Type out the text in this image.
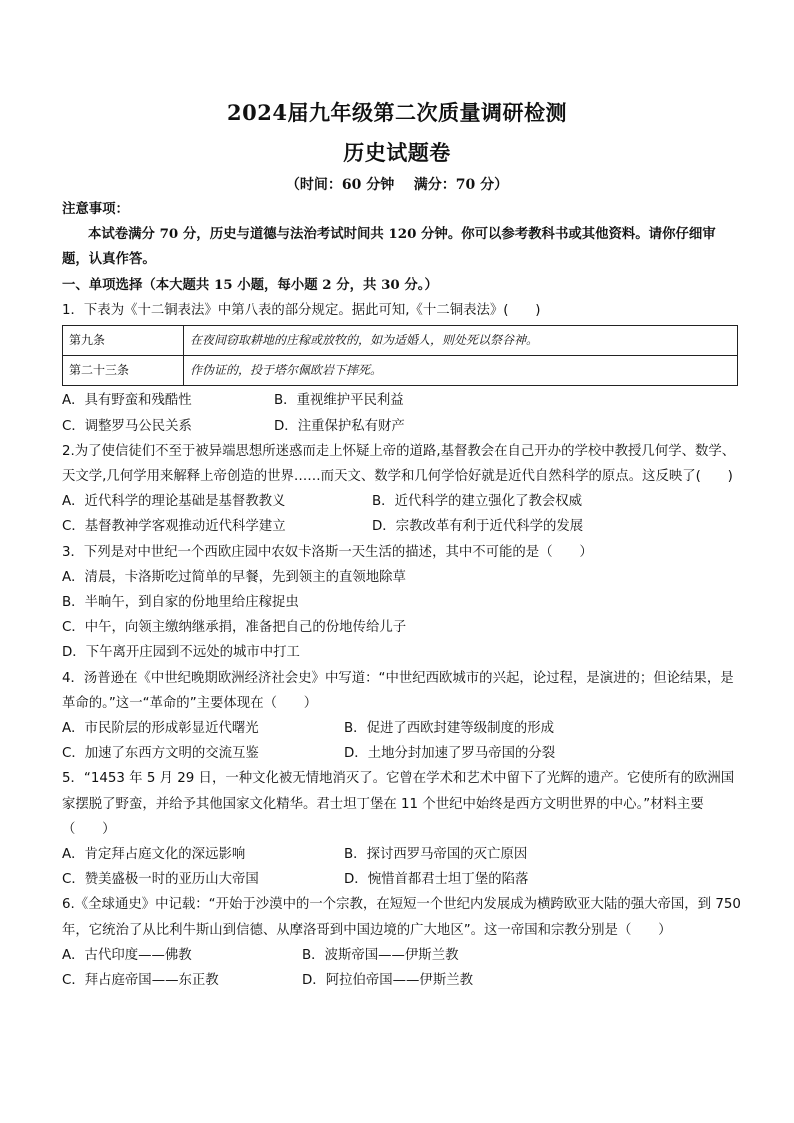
2024届九年级第二次质量调研检测
历史试题卷
（时间：60 分钟    满分：70 分）
注意事项：
本试卷满分 70 分，历史与道德与法治考试时间共 120 分钟。你可以参考教科书或其他资料。请你仔细审题，认真作答。
一、单项选择（本大题共 15 小题，每小题 2 分，共 30 分。）
1．下表为《十二铜表法》中第八表的部分规定。据此可知,《十二铜表法》(　　)
第九条	在夜间窃取耕地的庄稼或放牧的，如为适婚人，则处死以祭谷神。
第二十三条	作伪证的，投于塔尔佩欧岩下摔死。
A．具有野蛮和残酷性	B．重视维护平民利益
C．调整罗马公民关系	D．注重保护私有财产
2.为了使信徒们不至于被异端思想所迷惑而走上怀疑上帝的道路,基督教会在自己开办的学校中教授几何学、数学、天文学,几何学用来解释上帝创造的世界……而天文、数学和几何学恰好就是近代自然科学的原点。这反映了(　　)
A．近代科学的理论基础是基督教教义	B．近代科学的建立强化了教会权威
C．基督教神学客观推动近代科学建立	D．宗教改革有利于近代科学的发展
3．下列是对中世纪一个西欧庄园中农奴卡洛斯一天生活的描述，其中不可能的是（　　）
A．清晨，卡洛斯吃过简单的早餐，先到领主的直领地除草
B．半晌午，到自家的份地里给庄稼捉虫
C．中午，向领主缴纳继承捐，准备把自己的份地传给儿子
D．下午离开庄园到不远处的城市中打工
4．汤普逊在《中世纪晚期欧洲经济社会史》中写道：“中世纪西欧城市的兴起，论过程，是演进的；但论结果，是革命的。”这一“革命的”主要体现在（　　）
A．市民阶层的形成彰显近代曙光	B．促进了西欧封建等级制度的形成
C．加速了东西方文明的交流互鉴	D．土地分封加速了罗马帝国的分裂
5．“1453 年 5 月 29 日，一种文化被无情地消灭了。它曾在学术和艺术中留下了光辉的遗产。它使所有的欧洲国家摆脱了野蛮，并给予其他国家文化精华。君士坦丁堡在 11 个世纪中始终是西方文明世界的中心。”材料主要（　　）
A．肯定拜占庭文化的深远影响	B．探讨西罗马帝国的灭亡原因
C．赞美盛极一时的亚历山大帝国	D．惋惜首都君士坦丁堡的陷落
6.《全球通史》中记载：“开始于沙漠中的一个宗教，在短短一个世纪内发展成为横跨欧亚大陆的强大帝国，到 750 年，它统治了从比利牛斯山到信德、从摩洛哥到中国边境的广大地区”。这一帝国和宗教分别是（　　）
A．古代印度——佛教	B．波斯帝国——伊斯兰教
C．拜占庭帝国——东正教	D．阿拉伯帝国——伊斯兰教
